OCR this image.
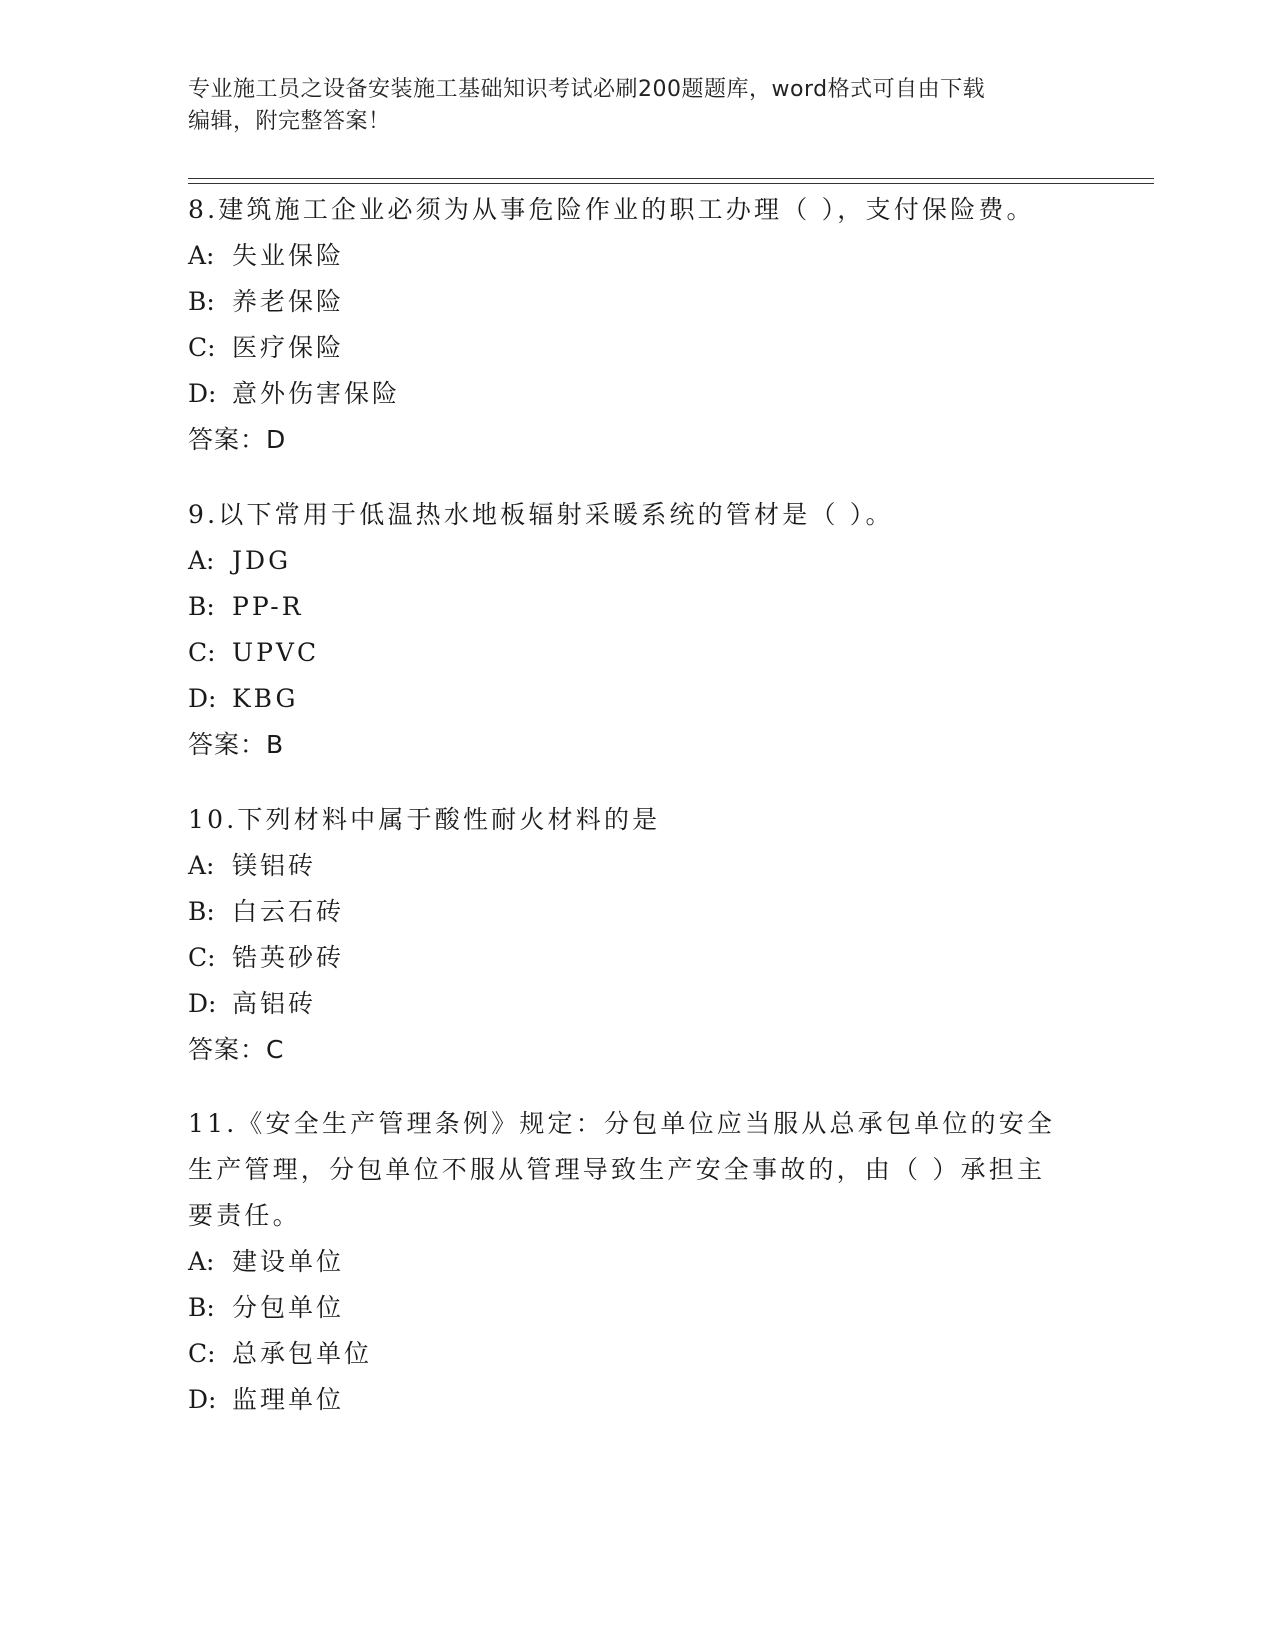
专业施工员之设备安装施工基础知识考试必刷200题题库，word格式可自由下载
编辑，附完整答案！
8.建筑施工企业必须为从事危险作业的职工办理（ ），支付保险费。
A: 失业保险
B: 养老保险
C: 医疗保险
D: 意外伤害保险
答案：D
9.以下常用于低温热水地板辐射采暖系统的管材是（ ）。
A: JDG
B: PP-R
C: UPVC
D: KBG
答案：B
10.下列材料中属于酸性耐火材料的是
A: 镁铝砖
B: 白云石砖
C: 锆英砂砖
D: 高铝砖
答案：C
11.《安全生产管理条例》规定：分包单位应当服从总承包单位的安全
生产管理，分包单位不服从管理导致生产安全事故的，由（ ）承担主
要责任。
A: 建设单位
B: 分包单位
C: 总承包单位
D: 监理单位
